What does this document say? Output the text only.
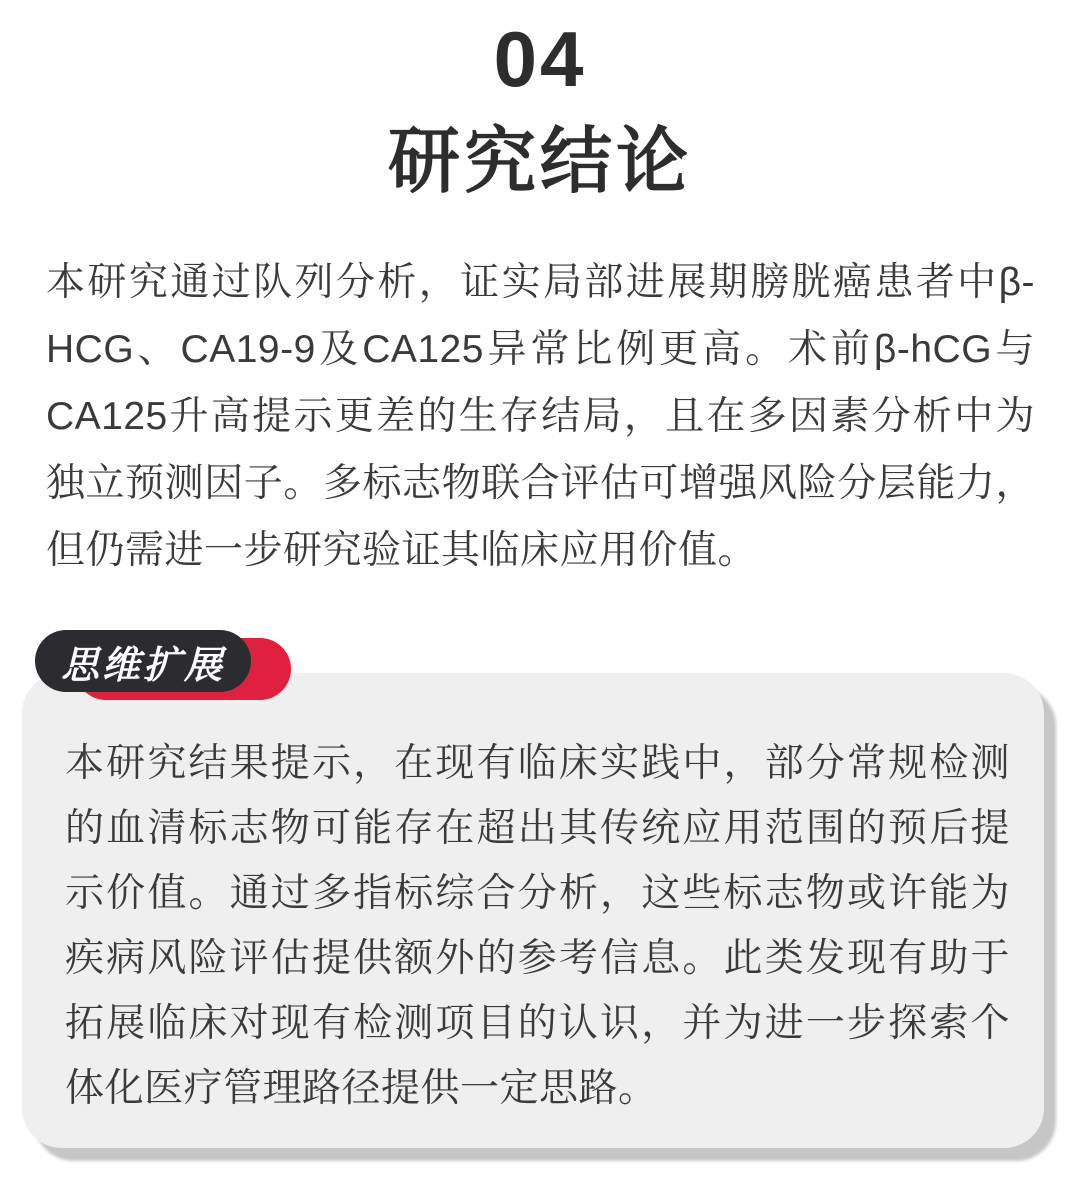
04
研究结论

本研究通过队列分析，证实局部进展期膀胱癌患者中β-HCG、CA19-9及CA125异常比例更高。术前β-hCG与CA125升高提示更差的生存结局，且在多因素分析中为独立预测因子。多标志物联合评估可增强风险分层能力，但仍需进一步研究验证其临床应用价值。

思维扩展

本研究结果提示，在现有临床实践中，部分常规检测的血清标志物可能存在超出其传统应用范围的预后提示价值。通过多指标综合分析，这些标志物或许能为疾病风险评估提供额外的参考信息。此类发现有助于拓展临床对现有检测项目的认识，并为进一步探索个体化医疗管理路径提供一定思路。
